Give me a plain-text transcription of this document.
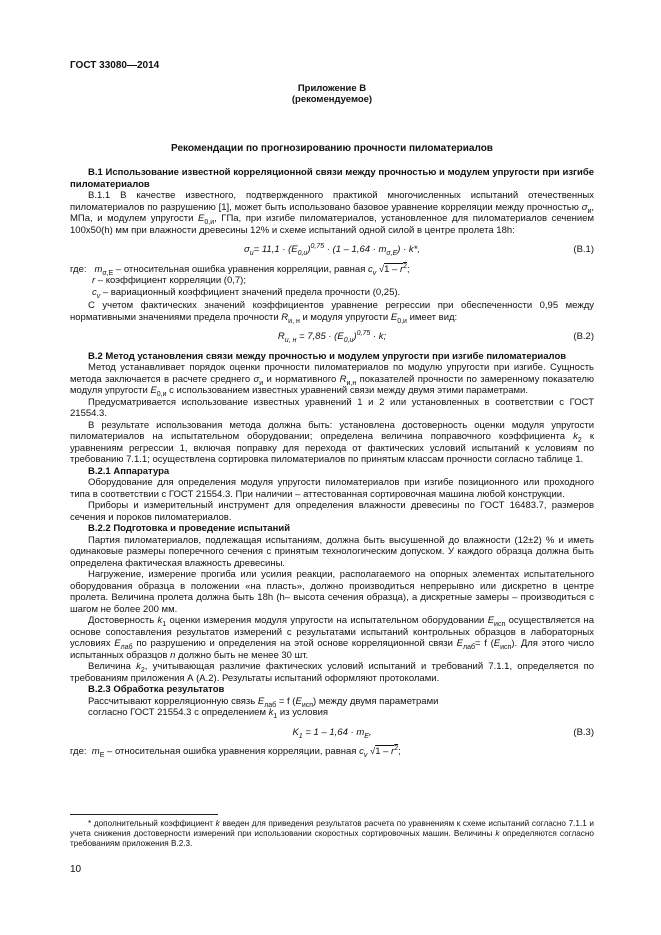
ГОСТ 33080—2014
Приложение В
(рекомендуемое)
Рекомендации по прогнозированию прочности пиломатериалов

В.1 Использование известной корреляционной связи между прочностью и модулем упругости при изгибе пиломатериалов

В.1.1 В качестве известного, подтвержденного практикой многочисленных испытаний отечественных пиломатериалов по разрушению [1], может быть использовано базовое уравнение корреляции между прочностью $\sigma_и$, МПа, и модулем упругости $E_{0,и}$, ГПа, при изгибе пиломатериалов, установленное для пиломатериалов сечением 100х50(h) мм при влажности древесины 12% и схеме испытаний одной силой в центре пролета 18h:

$\sigma_и= 11,1 \cdot (E_{0,и})^{0,75} \cdot (1 - 1,64 \cdot m_{\sigma,E}) \cdot k*$,	(В.1)

где:   $m_{\sigma,E}$ – относительная ошибка уравнения корреляции, равная $c_v$ $√1 - r^2$;

r – коэффициент корреляции (0,7);

$c_v$ – вариационный коэффициент значений предела прочности (0,25).

С учетом фактических значений коэффициентов уравнение регрессии при обеспеченности 0,95 между нормативными значениями предела прочности $R_{и, н}$ и модуля упругости $E_{0,и}$ имеет вид:

$R_{и, н} = 7,85 \cdot (E_{0,и})^{0,75} \cdot k$;	(В.2)

В.2 Метод установления связи между прочностью и модулем упругости при изгибе пиломатериалов

Метод устанавливает порядок оценки прочности пиломатериалов по модулю упругости при изгибе. Сущность метода заключается в расчете среднего $\sigma_и$ и нормативного $R_{и,н}$ показателей прочности по замеренному показателю модуля упругости $E_{0,и}$ с использованием известных уравнений связи между двумя этими параметрами.

Предусматривается использование известных уравнений 1 и 2 или установленных в соответствии с ГОСТ 21554.3.

В результате использования метода должна быть: установлена достоверность оценки модуля упругости пиломатериалов на испытательном оборудовании; определена величина поправочного коэффициента $k_2$ к уравнениям регрессии 1, включая поправку для перехода от фактических условий испытаний к условиям по требованию 7.1.1; осуществлена сортировка пиломатериалов по принятым классам прочности согласно таблице 1.

В.2.1 Аппаратура

Оборудование для определения модуля упругости пиломатериалов при изгибе позиционного или проходного типа в соответствии с ГОСТ 21554.3. При наличии – аттестованная сортировочная машина любой конструкции.

Приборы и измерительный инструмент для определения влажности древесины по ГОСТ 16483.7, размеров сечения и пороков пиломатериалов.

В.2.2 Подготовка и проведение испытаний

Партия пиломатериалов, подлежащая испытаниям, должна быть высушенной до влажности (12±2) % и иметь одинаковые размеры поперечного сечения с принятым технологическим допуском. У каждого образца должна быть определена фактическая влажность древесины.

Нагружение, измерение прогиба или усилия реакции, располагаемого на опорных элементах испытательного оборудования образца в положении «на пласть», должно производиться непрерывно или дискретно в центре пролета. Величина пролета должна быть 18h (h– высота сечения образца), а дискретные замеры – производиться с шагом не более 200 мм.

Достоверность $k_1$ оценки измерения модуля упругости на испытательном оборудовании $E_{исп}$ осуществляется на основе сопоставления результатов измерений с результатами испытаний контрольных образцов в лабораторных условиях $E_{лаб}$ по разрушению и определения на этой основе корреляционной связи $E_{лаб}= f$ $(E_{исп})$. Для этого число испытанных образцов n должно быть не менее 30 шт.

Величина $k_2$, учитывающая различие фактических условий испытаний и требований 7.1.1, определяется по требованиям приложения А (А.2). Результаты испытаний оформляют протоколами.

В.2.3 Обработка результатов

Рассчитывают корреляционную связь $E_{лаб} = f$ $(E_{исп})$ между двумя параметрами

согласно ГОСТ 21554.3 с определением $k_1$ из условия

$K_1 = 1 - 1,64 \cdot m_E$,	(В.3)

где:  $m_E$ – относительная ошибка уравнения корреляции, равная $c_v$ $√1 - r^2$;

* дополнительный коэффициент k введен для приведения результатов расчета по уравнениям к схеме испытаний согласно 7.1.1 и учета снижения достоверности измерений при использовании скоростных сортировочных машин. Величины k определяются согласно требованиям приложения В.2.3.

10
